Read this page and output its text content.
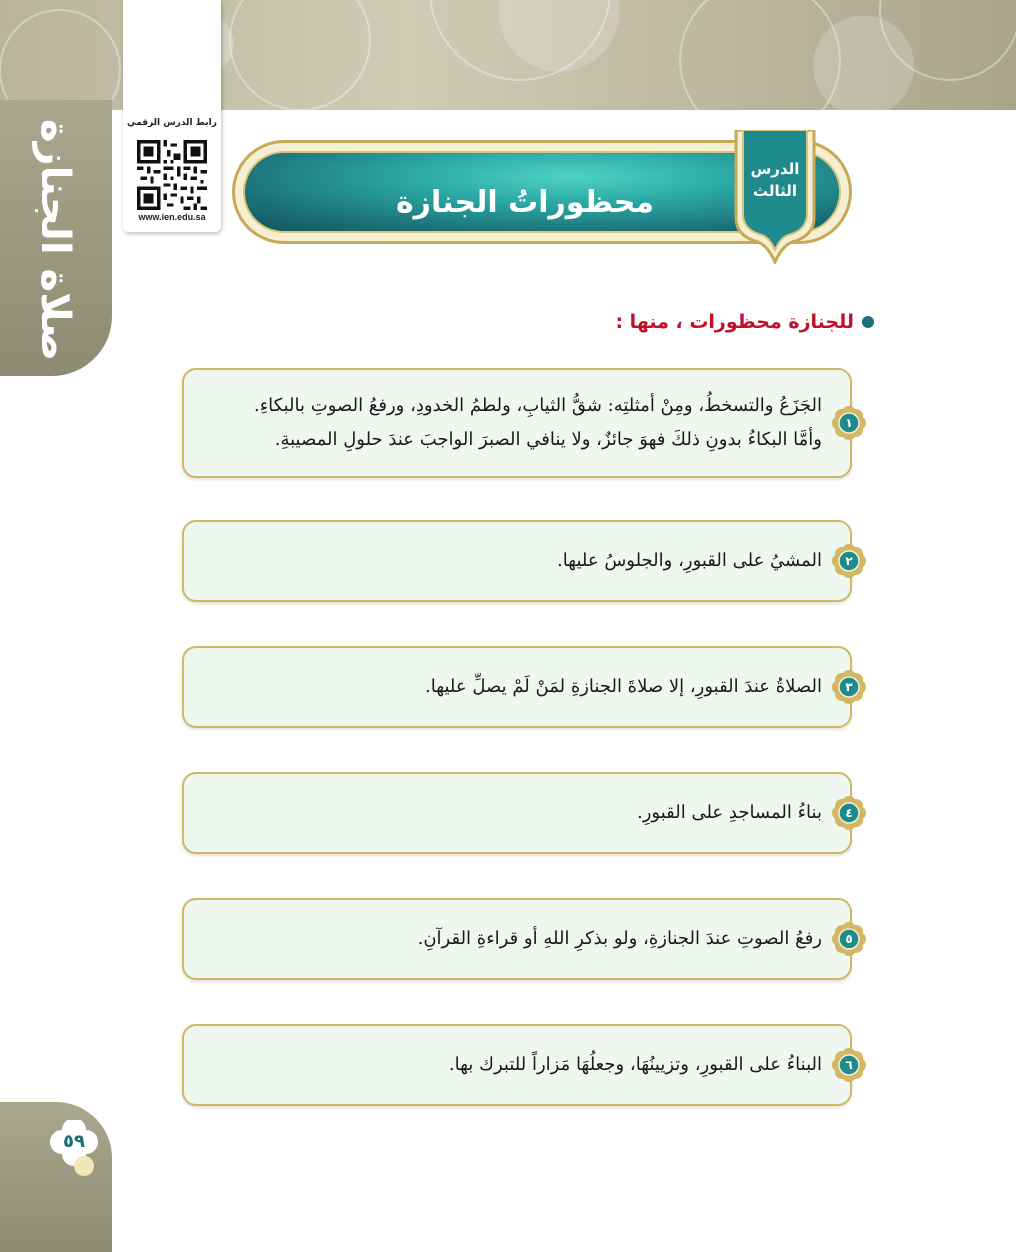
صلاة الجنازة	رابط الدرس الرقمي
www.ien.edu.sa	محظوراتُ الجنازة
الدرس
الثالث
للجنازة محظورات ، منها :
الجَزَعُ والتسخطُ، ومِنْ أمثلتِه: شقُّ الثيابِ، ولطمُ الخدودِ، ورفعُ الصوتِ بالبكاءِ.
وأمَّا البكاءُ بدونِ ذلكَ فهوَ جائزٌ، ولا ينافي الصبرَ الواجبَ عندَ حلولِ المصيبةِ.
١
المشيُ على القبورِ، والجلوسُ عليها.	٢
الصلاةُ عندَ القبورِ، إلا صلاةَ الجنازةِ لمَنْ لَمْ يصلِّ عليها.	٣
بناءُ المساجدِ على القبورِ.	٤
رفعُ الصوتِ عندَ الجنازةِ، ولو بذكرِ اللهِ أو قراءةِ القرآنِ.	٥
البناءُ على القبورِ، وتزيينُهَا، وجعلُهَا مَزاراً للتبرك بها.	٦
٥٩
